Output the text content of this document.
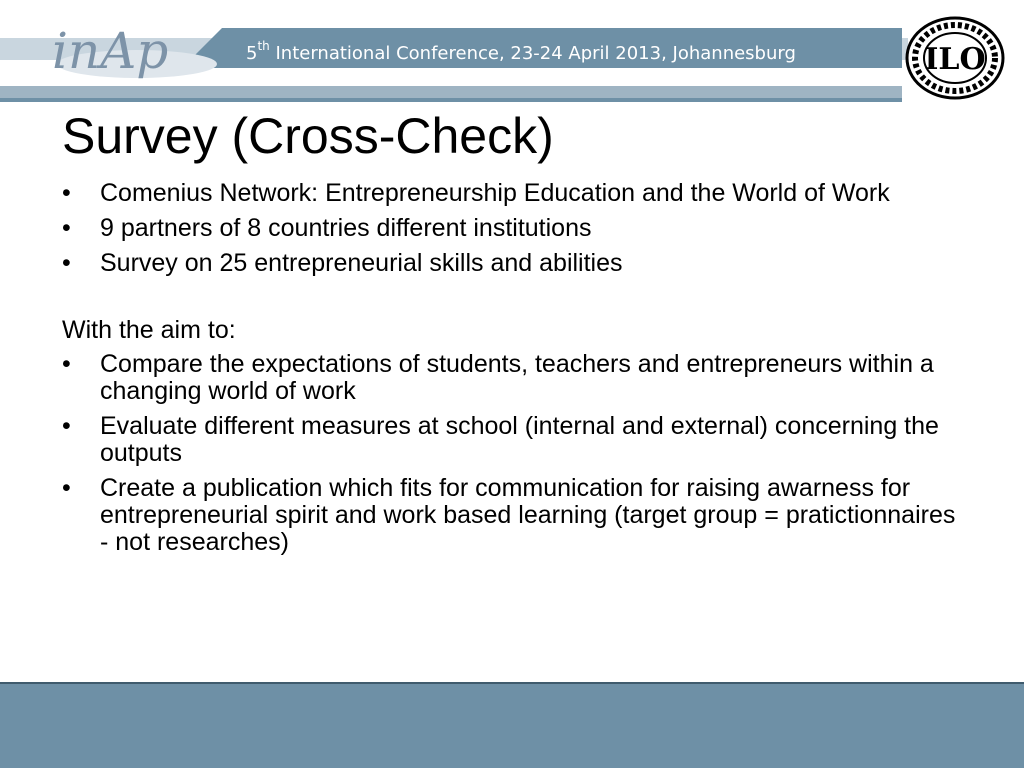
5th International Conference, 23-24 April 2013, Johannesburg
inAp	ILO
Survey (Cross-Check)
• Comenius Network: Entrepreneurship Education and the World of Work
• 9 partners of 8 countries different institutions
• Survey on 25 entrepreneurial skills and abilities
With the aim to:
• Compare the expectations of students, teachers and entrepreneurs within a changing world of work
• Evaluate different measures at school (internal and external) concerning the outputs
• Create a publication which fits for communication for raising awarness for entrepreneurial spirit and work based learning (target group = pratictionnaires - not researches)
